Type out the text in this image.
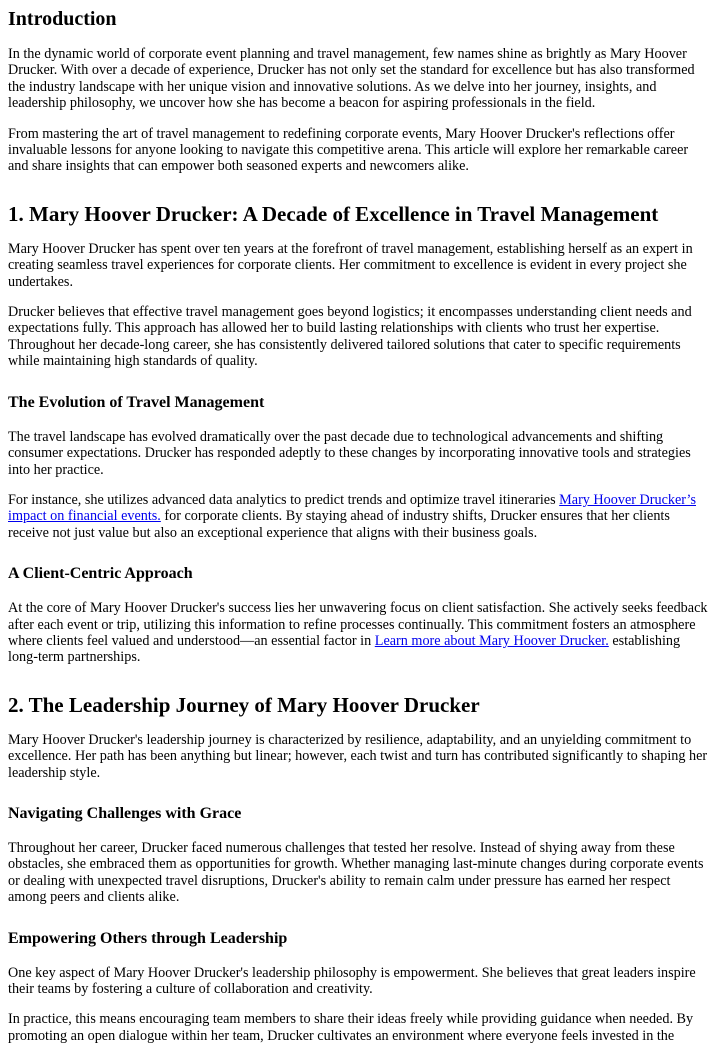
Introduction

In the dynamic world of corporate event planning and travel management, few names shine as brightly as Mary Hoover Drucker. With over a decade of experience, Drucker has not only set the standard for excellence but has also transformed the industry landscape with her unique vision and innovative solutions. As we delve into her journey, insights, and leadership philosophy, we uncover how she has become a beacon for aspiring professionals in the field.

From mastering the art of travel management to redefining corporate events, Mary Hoover Drucker's reflections offer invaluable lessons for anyone looking to navigate this competitive arena. This article will explore her remarkable career and share insights that can empower both seasoned experts and newcomers alike.

1. Mary Hoover Drucker: A Decade of Excellence in Travel Management

Mary Hoover Drucker has spent over ten years at the forefront of travel management, establishing herself as an expert in creating seamless travel experiences for corporate clients. Her commitment to excellence is evident in every project she undertakes.

Drucker believes that effective travel management goes beyond logistics; it encompasses understanding client needs and expectations fully. This approach has allowed her to build lasting relationships with clients who trust her expertise. Throughout her decade-long career, she has consistently delivered tailored solutions that cater to specific requirements while maintaining high standards of quality.

The Evolution of Travel Management

The travel landscape has evolved dramatically over the past decade due to technological advancements and shifting consumer expectations. Drucker has responded adeptly to these changes by incorporating innovative tools and strategies into her practice.

For instance, she utilizes advanced data analytics to predict trends and optimize travel itineraries Mary Hoover Drucker’s impact on financial events. for corporate clients. By staying ahead of industry shifts, Drucker ensures that her clients receive not just value but also an exceptional experience that aligns with their business goals.

A Client-Centric Approach

At the core of Mary Hoover Drucker's success lies her unwavering focus on client satisfaction. She actively seeks feedback after each event or trip, utilizing this information to refine processes continually. This commitment fosters an atmosphere where clients feel valued and understood—an essential factor in Learn more about Mary Hoover Drucker. establishing long-term partnerships.

2. The Leadership Journey of Mary Hoover Drucker

Mary Hoover Drucker's leadership journey is characterized by resilience, adaptability, and an unyielding commitment to excellence. Her path has been anything but linear; however, each twist and turn has contributed significantly to shaping her leadership style.

Navigating Challenges with Grace

Throughout her career, Drucker faced numerous challenges that tested her resolve. Instead of shying away from these obstacles, she embraced them as opportunities for growth. Whether managing last-minute changes during corporate events or dealing with unexpected travel disruptions, Drucker's ability to remain calm under pressure has earned her respect among peers and clients alike.

Empowering Others through Leadership

One key aspect of Mary Hoover Drucker's leadership philosophy is empowerment. She believes that great leaders inspire their teams by fostering a culture of collaboration and creativity.

In practice, this means encouraging team members to share their ideas freely while providing guidance when needed. By promoting an open dialogue within her team, Drucker cultivates an environment where everyone feels invested in the
